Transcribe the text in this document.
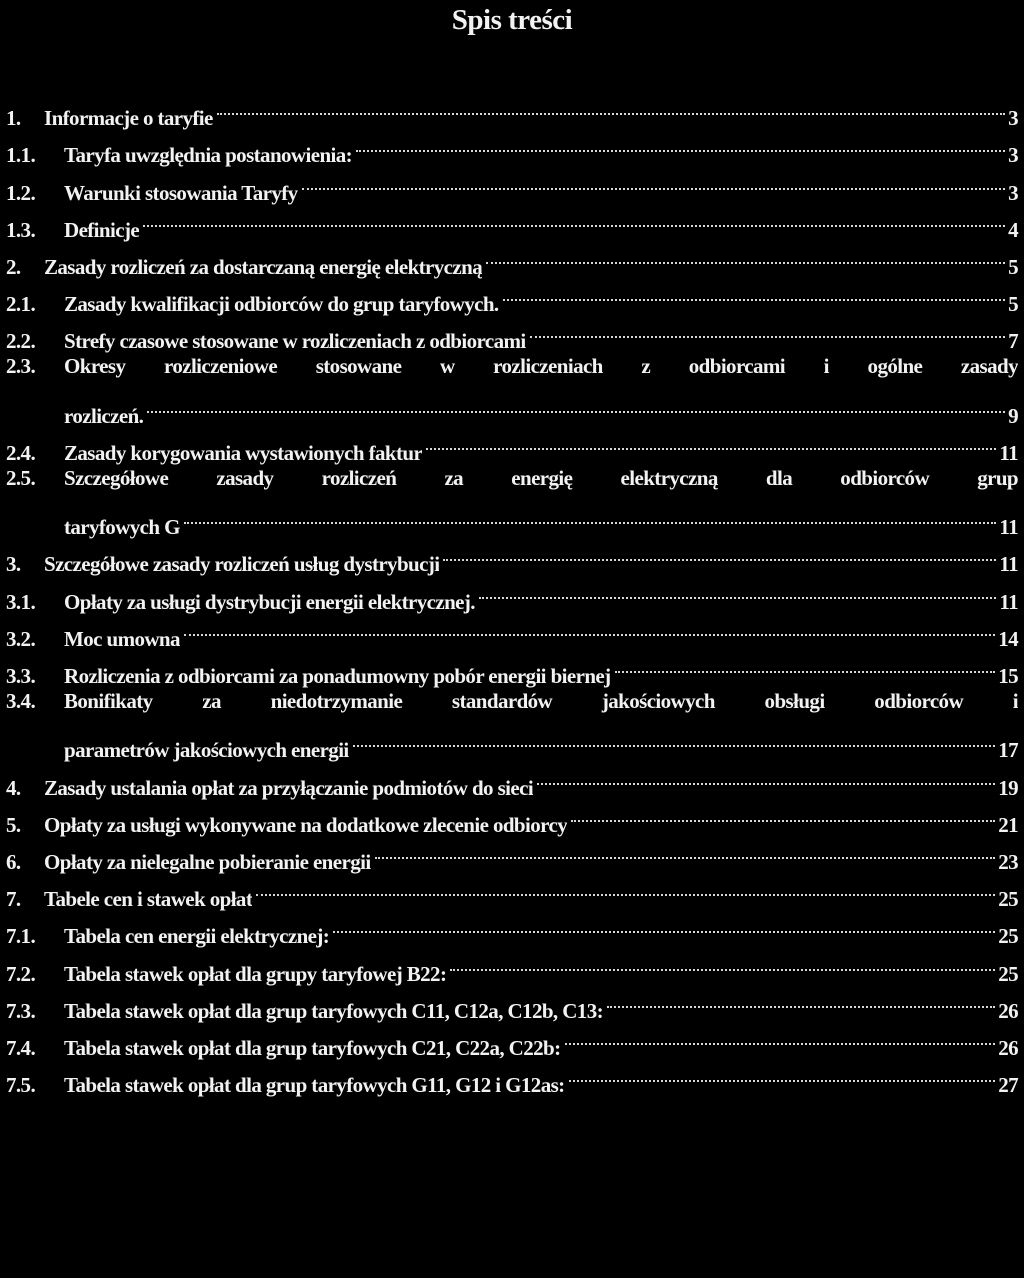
Spis treści
1.	Informacje o taryfie	3
1.1.	Taryfa uwzględnia postanowienia:	3
1.2.	Warunki stosowania Taryfy	3
1.3.	Definicje	4
2.	Zasady rozliczeń za dostarczaną energię elektryczną	5
2.1.	Zasady kwalifikacji odbiorców do grup taryfowych.	5
2.2.	Strefy czasowe stosowane w rozliczeniach z odbiorcami	7
2.3.	Okresy rozliczeniowe stosowane w rozliczeniach z odbiorcami i ogólne zasady
rozliczeń.	9
2.4.	Zasady korygowania wystawionych faktur	11
2.5.	Szczegółowe zasady rozliczeń za energię elektryczną dla odbiorców grup
taryfowych G	11
3.	Szczegółowe zasady rozliczeń usług dystrybucji	11
3.1.	Opłaty za usługi dystrybucji energii elektrycznej.	11
3.2.	Moc umowna	14
3.3.	Rozliczenia z odbiorcami za ponadumowny pobór energii biernej	15
3.4.	Bonifikaty za niedotrzymanie standardów jakościowych obsługi odbiorców i
parametrów jakościowych energii	17
4.	Zasady ustalania opłat za przyłączanie podmiotów do sieci	19
5.	Opłaty za usługi wykonywane na dodatkowe zlecenie odbiorcy	21
6.	Opłaty za nielegalne pobieranie energii	23
7.	Tabele cen i stawek opłat	25
7.1.	Tabela cen energii elektrycznej:	25
7.2.	Tabela stawek opłat dla grupy taryfowej B22:	25
7.3.	Tabela stawek opłat dla grup taryfowych C11, C12a, C12b, C13:	26
7.4.	Tabela stawek opłat dla grup taryfowych C21, C22a, C22b:	26
7.5.	Tabela stawek opłat dla grup taryfowych G11, G12 i G12as:	27
